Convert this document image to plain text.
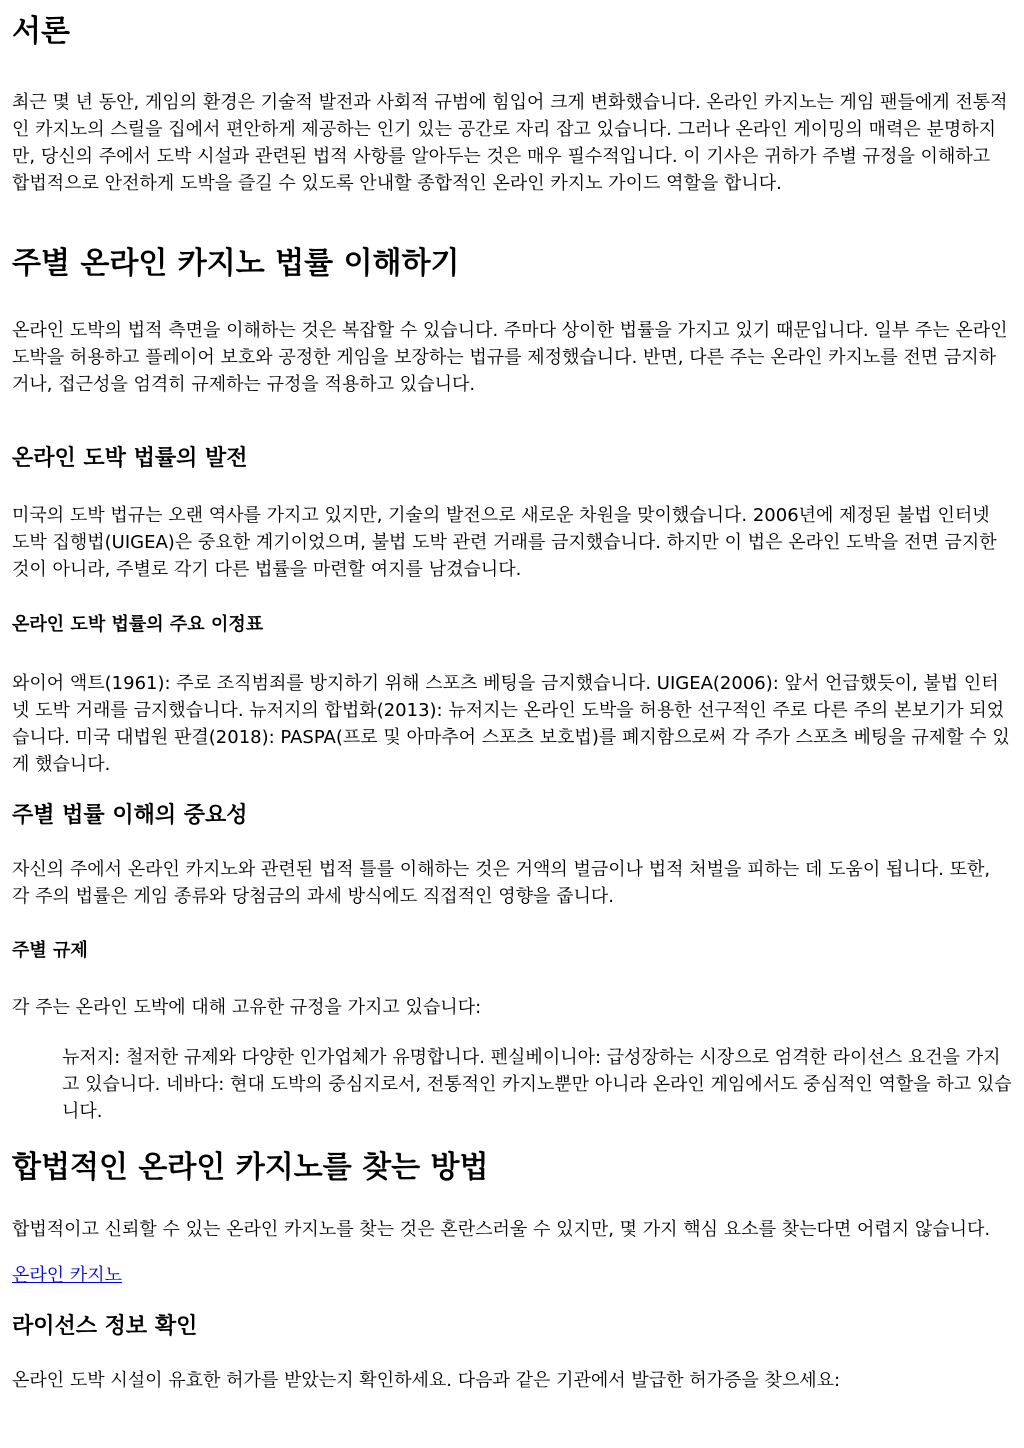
서론

최근 몇 년 동안, 게임의 환경은 기술적 발전과 사회적 규범에 힘입어 크게 변화했습니다. 온라인 카지노는 게임 팬들에게 전통적인 카지노의 스릴을 집에서 편안하게 제공하는 인기 있는 공간로 자리 잡고 있습니다. 그러나 온라인 게이밍의 매력은 분명하지만, 당신의 주에서 도박 시설과 관련된 법적 사항를 알아두는 것은 매우 필수적입니다. 이 기사은 귀하가 주별 규정을 이해하고 합법적으로 안전하게 도박을 즐길 수 있도록 안내할 종합적인 온라인 카지노 가이드 역할을 합니다.

주별 온라인 카지노 법률 이해하기

온라인 도박의 법적 측면을 이해하는 것은 복잡할 수 있습니다. 주마다 상이한 법률을 가지고 있기 때문입니다. 일부 주는 온라인 도박을 허용하고 플레이어 보호와 공정한 게임을 보장하는 법규를 제정했습니다. 반면, 다른 주는 온라인 카지노를 전면 금지하거나, 접근성을 엄격히 규제하는 규정을 적용하고 있습니다.

온라인 도박 법률의 발전

미국의 도박 법규는 오랜 역사를 가지고 있지만, 기술의 발전으로 새로운 차원을 맞이했습니다. 2006년에 제정된 불법 인터넷 도박 집행법(UIGEA)은 중요한 계기이었으며, 불법 도박 관련 거래를 금지했습니다. 하지만 이 법은 온라인 도박을 전면 금지한 것이 아니라, 주별로 각기 다른 법률을 마련할 여지를 남겼습니다.

온라인 도박 법률의 주요 이정표

와이어 액트(1961): 주로 조직범죄를 방지하기 위해 스포츠 베팅을 금지했습니다. UIGEA(2006): 앞서 언급했듯이, 불법 인터넷 도박 거래를 금지했습니다. 뉴저지의 합법화(2013): 뉴저지는 온라인 도박을 허용한 선구적인 주로 다른 주의 본보기가 되었습니다. 미국 대법원 판결(2018): PASPA(프로 및 아마추어 스포츠 보호법)를 폐지함으로써 각 주가 스포츠 베팅을 규제할 수 있게 했습니다.

주별 법률 이해의 중요성

자신의 주에서 온라인 카지노와 관련된 법적 틀를 이해하는 것은 거액의 벌금이나 법적 처벌을 피하는 데 도움이 됩니다. 또한, 각 주의 법률은 게임 종류와 당첨금의 과세 방식에도 직접적인 영향을 줍니다.

주별 규제

각 주는 온라인 도박에 대해 고유한 규정을 가지고 있습니다:

뉴저지: 철저한 규제와 다양한 인가업체가 유명합니다. 펜실베이니아: 급성장하는 시장으로 엄격한 라이선스 요건을 가지고 있습니다. 네바다: 현대 도박의 중심지로서, 전통적인 카지노뿐만 아니라 온라인 게임에서도 중심적인 역할을 하고 있습니다.

합법적인 온라인 카지노를 찾는 방법

합법적이고 신뢰할 수 있는 온라인 카지노를 찾는 것은 혼란스러울 수 있지만, 몇 가지 핵심 요소를 찾는다면 어렵지 않습니다.

온라인 카지노

라이선스 정보 확인

온라인 도박 시설이 유효한 허가를 받았는지 확인하세요. 다음과 같은 기관에서 발급한 허가증을 찾으세요:
